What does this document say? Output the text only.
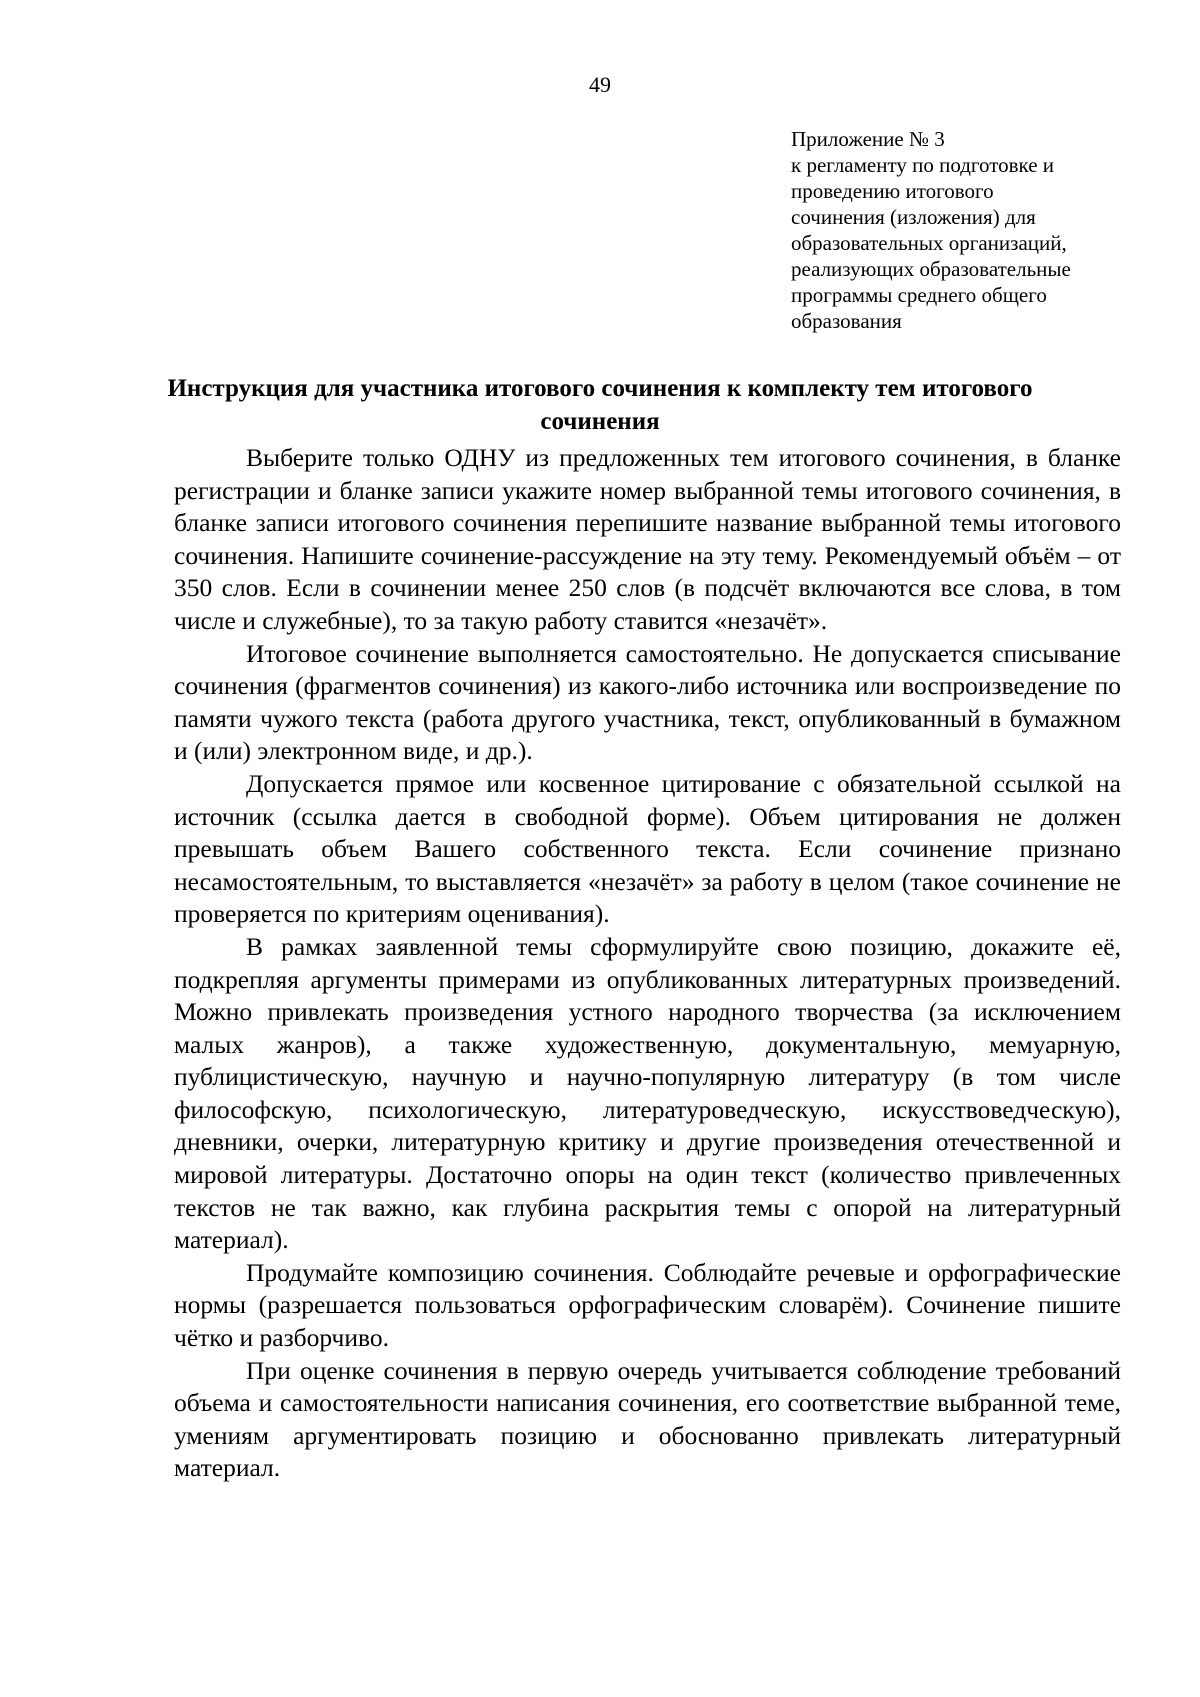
49
Приложение № 3
к регламенту по подготовке и
проведению итогового
сочинения (изложения) для
образовательных организаций,
реализующих образовательные
программы среднего общего
образования
Инструкция для участника итогового сочинения к комплекту тем итогового сочинения

Выберите только ОДНУ из предложенных тем итогового сочинения, в бланке регистрации и бланке записи укажите номер выбранной темы итогового сочинения, в бланке записи итогового сочинения перепишите название выбранной темы итогового сочинения. Напишите сочинение-рассуждение на эту тему. Рекомендуемый объём – от 350 слов. Если в сочинении менее 250 слов (в подсчёт включаются все слова, в том числе и служебные), то за такую работу ставится «незачёт».

Итоговое сочинение выполняется самостоятельно. Не допускается списывание сочинения (фрагментов сочинения) из какого-либо источника или воспроизведение по памяти чужого текста (работа другого участника, текст, опубликованный в бумажном и (или) электронном виде, и др.).

Допускается прямое или косвенное цитирование с обязательной ссылкой на источник (ссылка дается в свободной форме). Объем цитирования не должен превышать объем Вашего собственного текста. Если сочинение признано несамостоятельным, то выставляется «незачёт» за работу в целом (такое сочинение не проверяется по критериям оценивания).

В рамках заявленной темы сформулируйте свою позицию, докажите её, подкрепляя аргументы примерами из опубликованных литературных произведений. Можно привлекать произведения устного народного творчества (за исключением малых жанров), а также художественную, документальную, мемуарную, публицистическую, научную и научно-популярную литературу (в том числе философскую, психологическую, литературоведческую, искусствоведческую), дневники, очерки, литературную критику и другие произведения отечественной и мировой литературы. Достаточно опоры на один текст (количество привлеченных текстов не так важно, как глубина раскрытия темы с опорой на литературный материал).

Продумайте композицию сочинения. Соблюдайте речевые и орфографические нормы (разрешается пользоваться орфографическим словарём). Сочинение пишите чётко и разборчиво.

При оценке сочинения в первую очередь учитывается соблюдение требований объема и самостоятельности написания сочинения, его соответствие выбранной теме, умениям аргументировать позицию и обоснованно привлекать литературный материал.
